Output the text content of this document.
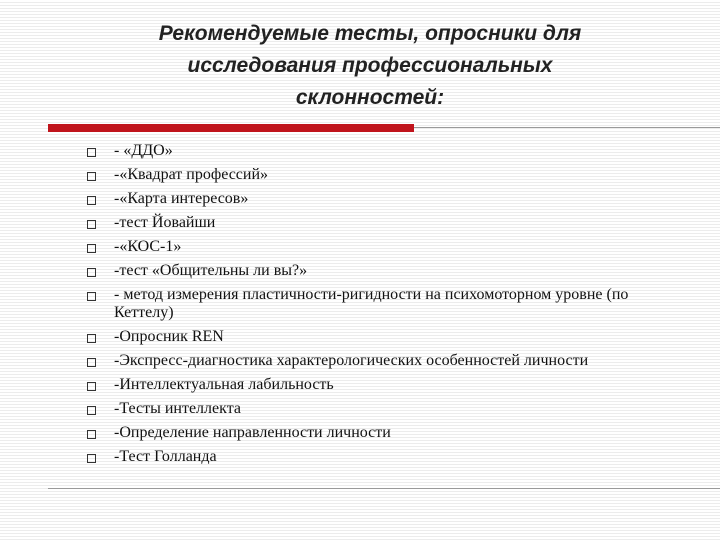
Рекомендуемые тесты, опросники для
исследования профессиональных
склонностей:
- «ДДО»
-«Квадрат профессий»
-«Карта интересов»
-тест Йовайши
-«КОС-1»
-тест «Общительны ли вы?»
- метод измерения пластичности-ригидности на психомоторном уровне (по Кеттелу)
-Опросник REN
-Экспресс-диагностика характерологических особенностей личности
-Интеллектуальная лабильность
-Тесты интеллекта
-Определение направленности личности
-Тест Голланда
